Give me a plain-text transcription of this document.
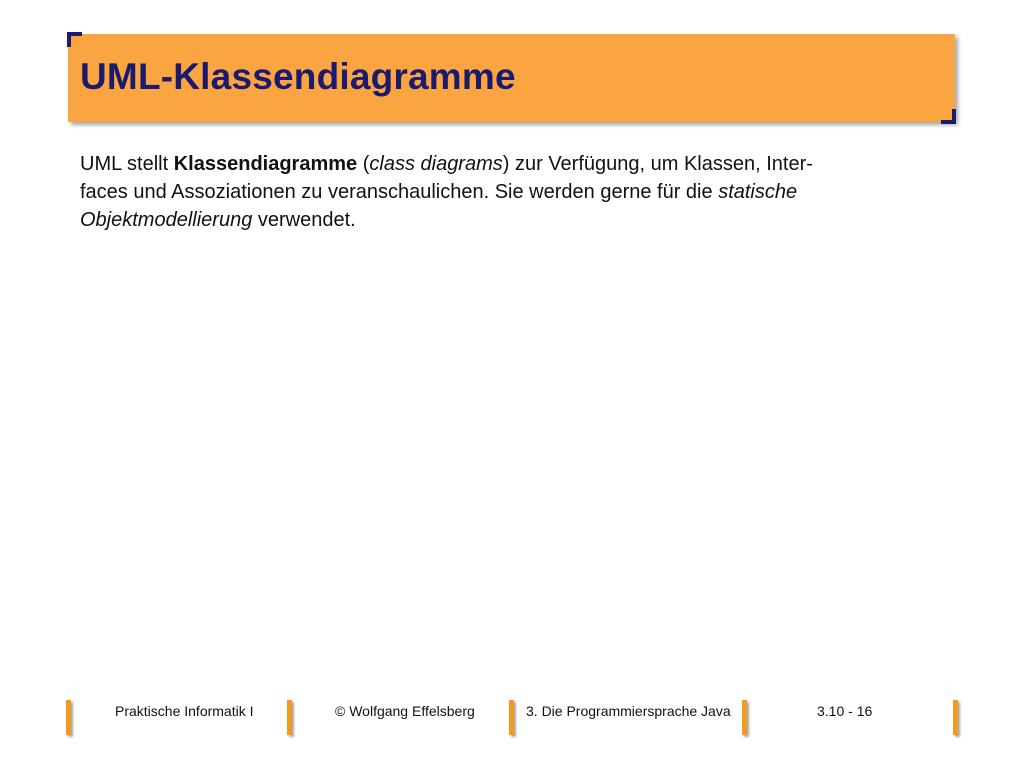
UML-Klassendiagramme

UML stellt Klassendiagramme (class diagrams) zur Verfügung, um Klassen, Inter-
faces und Assoziationen zu veranschaulichen. Sie werden gerne für die statische
Objektmodellierung verwendet.

Praktische Informatik I	© Wolfgang Effelsberg	3. Die Programmiersprache Java	3.10 - 16
